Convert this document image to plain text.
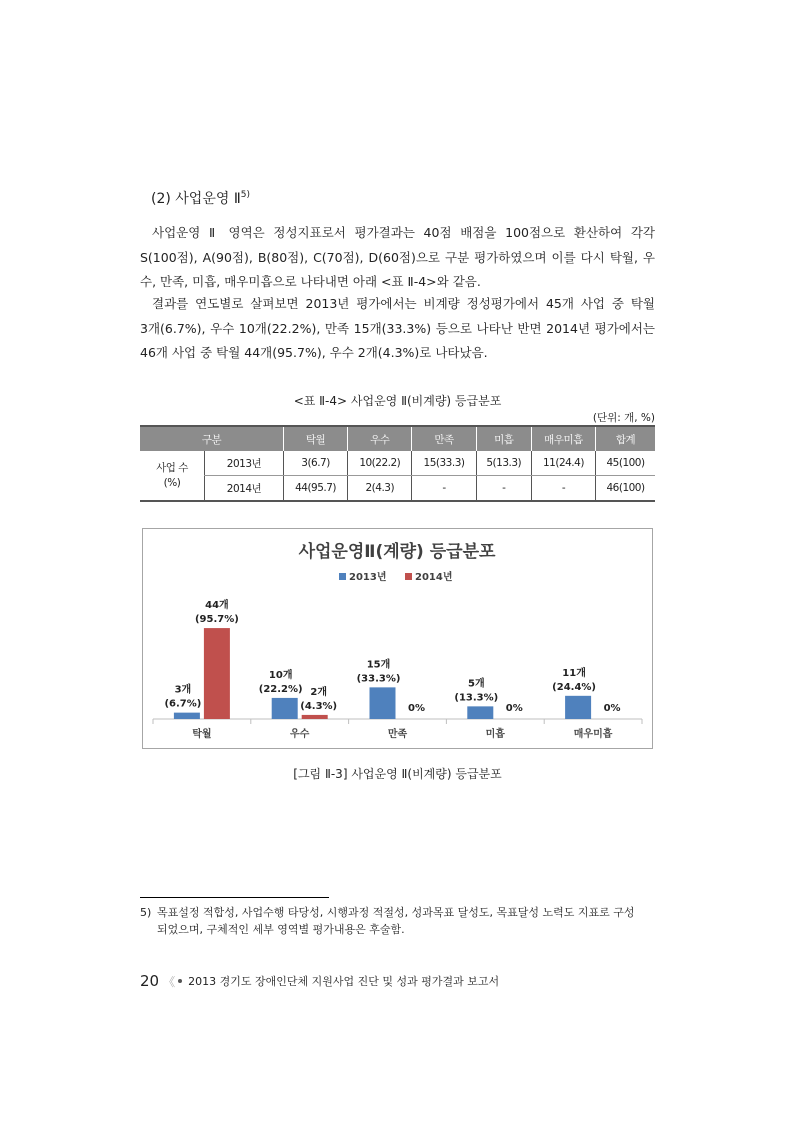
(2) 사업운영 Ⅱ$^{5)}$

사업운영 Ⅱ 영역은 정성지표로서 평가결과는 40점 배점을 100점으로 환산하여 각각
S(100점), A(90점), B(80점), C(70점), D(60점)으로 구분 평가하였으며 이를 다시 탁월, 우
수, 만족, 미흡, 매우미흡으로 나타내면 아래 <표 Ⅱ-4>와 같음.

결과를 연도별로 살펴보면 2013년 평가에서는 비계량 정성평가에서 45개 사업 중 탁월
3개(6.7%), 우수 10개(22.2%), 만족 15개(33.3%) 등으로 나타난 반면 2014년 평가에서는
46개 사업 중 탁월 44개(95.7%), 우수 2개(4.3%)로 나타났음.

<표 Ⅱ-4> 사업운영 Ⅱ(비계량) 등급분포
(단위: 개, %)
구분		탁월	우수	만족	미흡	매우미흡	합계

사업 수
(%)	2013년	3(6.7)	10(22.2)	15(33.3)	5(13.3)	11(24.4)	45(100)
	2014년	44(95.7)	2(4.3)	-	-	-	46(100)
사업운영Ⅱ(계량) 등급분포
2013년	2014년
탁월
(6.7%)
3개
(95.7%)
44개
우수
(22.2%)
10개
(4.3%)
2개
만족
(33.3%)
15개
0%
미흡
(13.3%)
5개
0%
매우미흡
(24.4%)
11개
0%
[그림 Ⅱ-3] 사업운영 Ⅱ(비계량) 등급분포

5) 목표설정 적합성, 사업수행 타당성, 시행과정 적절성, 성과목표 달성도, 목표달성 노력도 지표로 구성
되었으며, 구체적인 세부 영역별 평가내용은 후술함.

20 《 2013 경기도 장애인단체 지원사업 진단 및 성과 평가결과 보고서
